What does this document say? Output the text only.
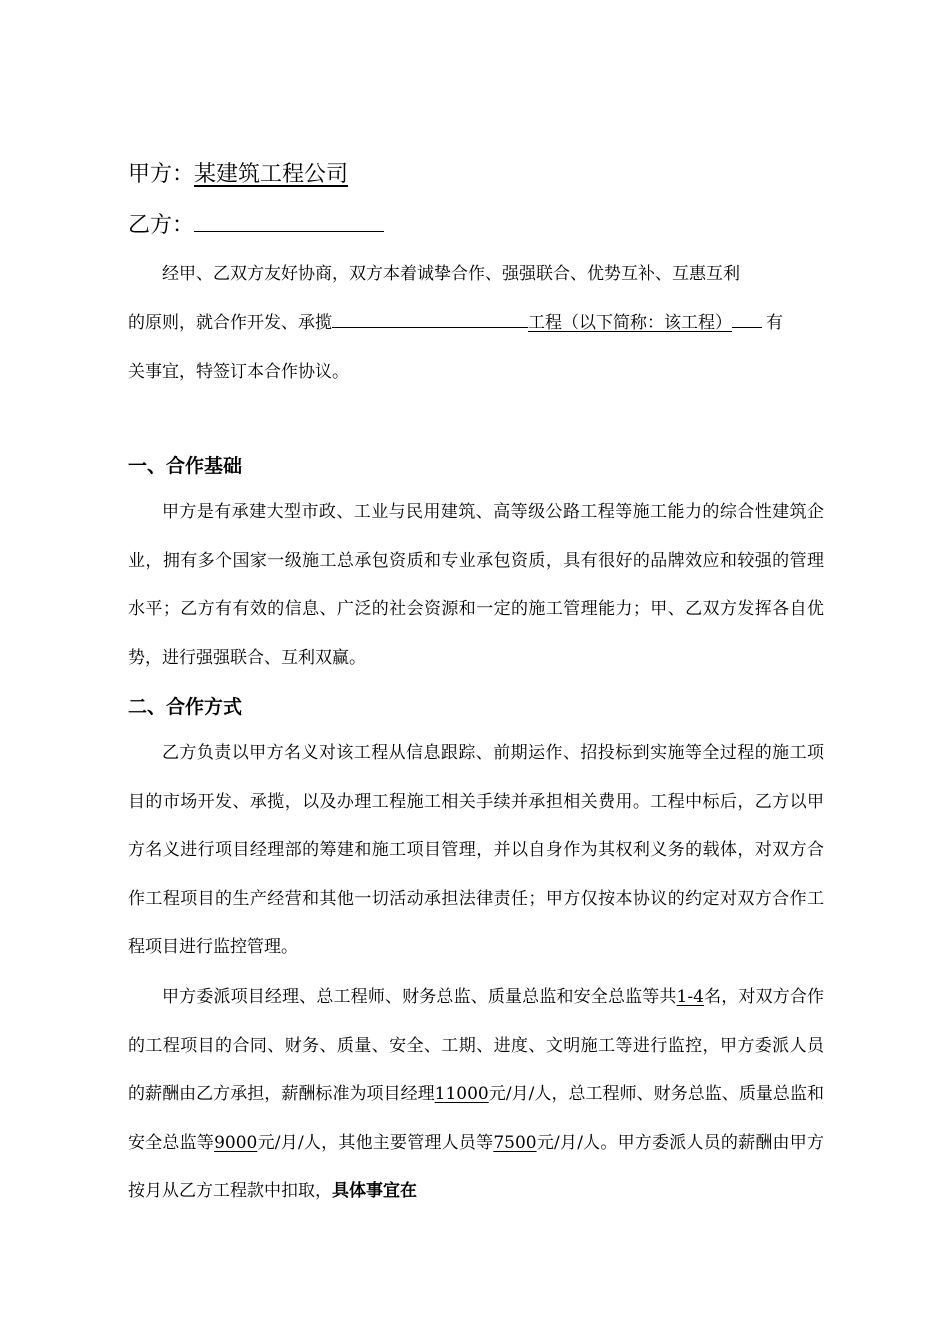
甲方：某建筑工程公司
乙方：

经甲、乙双方友好协商，双方本着诚挚合作、强强联合、优势互补、互惠互利

的原则，就合作开发、承揽	工程（以下简称：该工程） 有

关事宜，特签订本合作协议。

一、合作基础

甲方是有承建大型市政、工业与民用建筑、高等级公路工程等施工能力的综合性建筑企业，拥有多个国家一级施工总承包资质和专业承包资质，具有很好的品牌效应和较强的管理水平；乙方有有效的信息、广泛的社会资源和一定的施工管理能力；甲、乙双方发挥各自优势，进行强强联合、互利双赢。

二、合作方式

乙方负责以甲方名义对该工程从信息跟踪、前期运作、招投标到实施等全过程的施工项目的市场开发、承揽，以及办理工程施工相关手续并承担相关费用。工程中标后，乙方以甲方名义进行项目经理部的筹建和施工项目管理，并以自身作为其权利义务的载体，对双方合作工程项目的生产经营和其他一切活动承担法律责任；甲方仅按本协议的约定对双方合作工程项目进行监控管理。

甲方委派项目经理、总工程师、财务总监、质量总监和安全总监等共1-4名，对双方合作的工程项目的合同、财务、质量、安全、工期、进度、文明施工等进行监控，甲方委派人员的薪酬由乙方承担，薪酬标准为项目经理11000元/月/人，总工程师、财务总监、质量总监和安全总监等9000元/月/人，其他主要管理人员等7500元/月/人。甲方委派人员的薪酬由甲方按月从乙方工程款中扣取，具体事宜在
